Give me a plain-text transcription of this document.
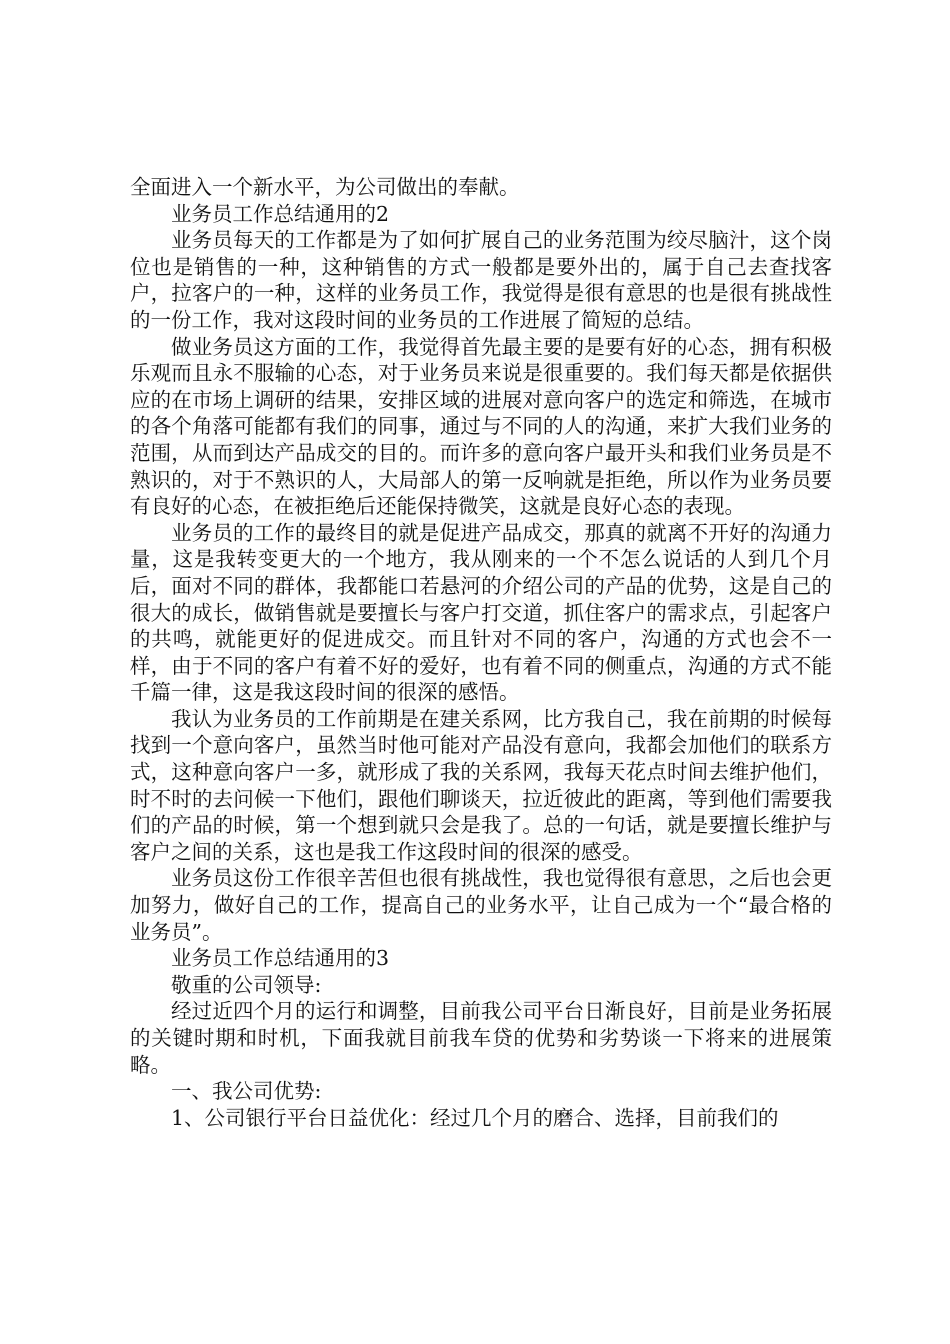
全面进入一个新水平，为公司做出的奉献。

业务员工作总结通用的2

业务员每天的工作都是为了如何扩展自己的业务范围为绞尽脑汁，这个岗位也是销售的一种，这种销售的方式一般都是要外出的，属于自己去查找客户，拉客户的一种，这样的业务员工作，我觉得是很有意思的也是很有挑战性的一份工作，我对这段时间的业务员的工作进展了简短的总结。

做业务员这方面的工作，我觉得首先最主要的是要有好的心态，拥有积极乐观而且永不服输的心态，对于业务员来说是很重要的。我们每天都是依据供应的在市场上调研的结果，安排区域的进展对意向客户的选定和筛选，在城市的各个角落可能都有我们的同事，通过与不同的人的沟通，来扩大我们业务的范围，从而到达产品成交的目的。而许多的意向客户最开头和我们业务员是不熟识的，对于不熟识的人，大局部人的第一反响就是拒绝，所以作为业务员要有良好的心态，在被拒绝后还能保持微笑，这就是良好心态的表现。

业务员的工作的最终目的就是促进产品成交，那真的就离不开好的沟通力量，这是我转变更大的一个地方，我从刚来的一个不怎么说话的人到几个月后，面对不同的群体，我都能口若悬河的介绍公司的产品的优势，这是自己的很大的成长，做销售就是要擅长与客户打交道，抓住客户的需求点，引起客户的共鸣，就能更好的促进成交。而且针对不同的客户，沟通的方式也会不一样，由于不同的客户有着不好的爱好，也有着不同的侧重点，沟通的方式不能千篇一律，这是我这段时间的很深的感悟。

我认为业务员的工作前期是在建关系网，比方我自己，我在前期的时候每找到一个意向客户，虽然当时他可能对产品没有意向，我都会加他们的联系方式，这种意向客户一多，就形成了我的关系网，我每天花点时间去维护他们，时不时的去问候一下他们，跟他们聊谈天，拉近彼此的距离，等到他们需要我们的产品的时候，第一个想到就只会是我了。总的一句话，就是要擅长维护与客户之间的关系，这也是我工作这段时间的很深的感受。

业务员这份工作很辛苦但也很有挑战性，我也觉得很有意思，之后也会更加努力，做好自己的工作，提高自己的业务水平，让自己成为一个“最合格的业务员”。

业务员工作总结通用的3

敬重的公司领导:

经过近四个月的运行和调整，目前我公司平台日渐良好，目前是业务拓展的关键时期和时机，下面我就目前我车贷的优势和劣势谈一下将来的进展策略。

一、我公司优势:

1、公司银行平台日益优化：经过几个月的磨合、选择，目前我们的
